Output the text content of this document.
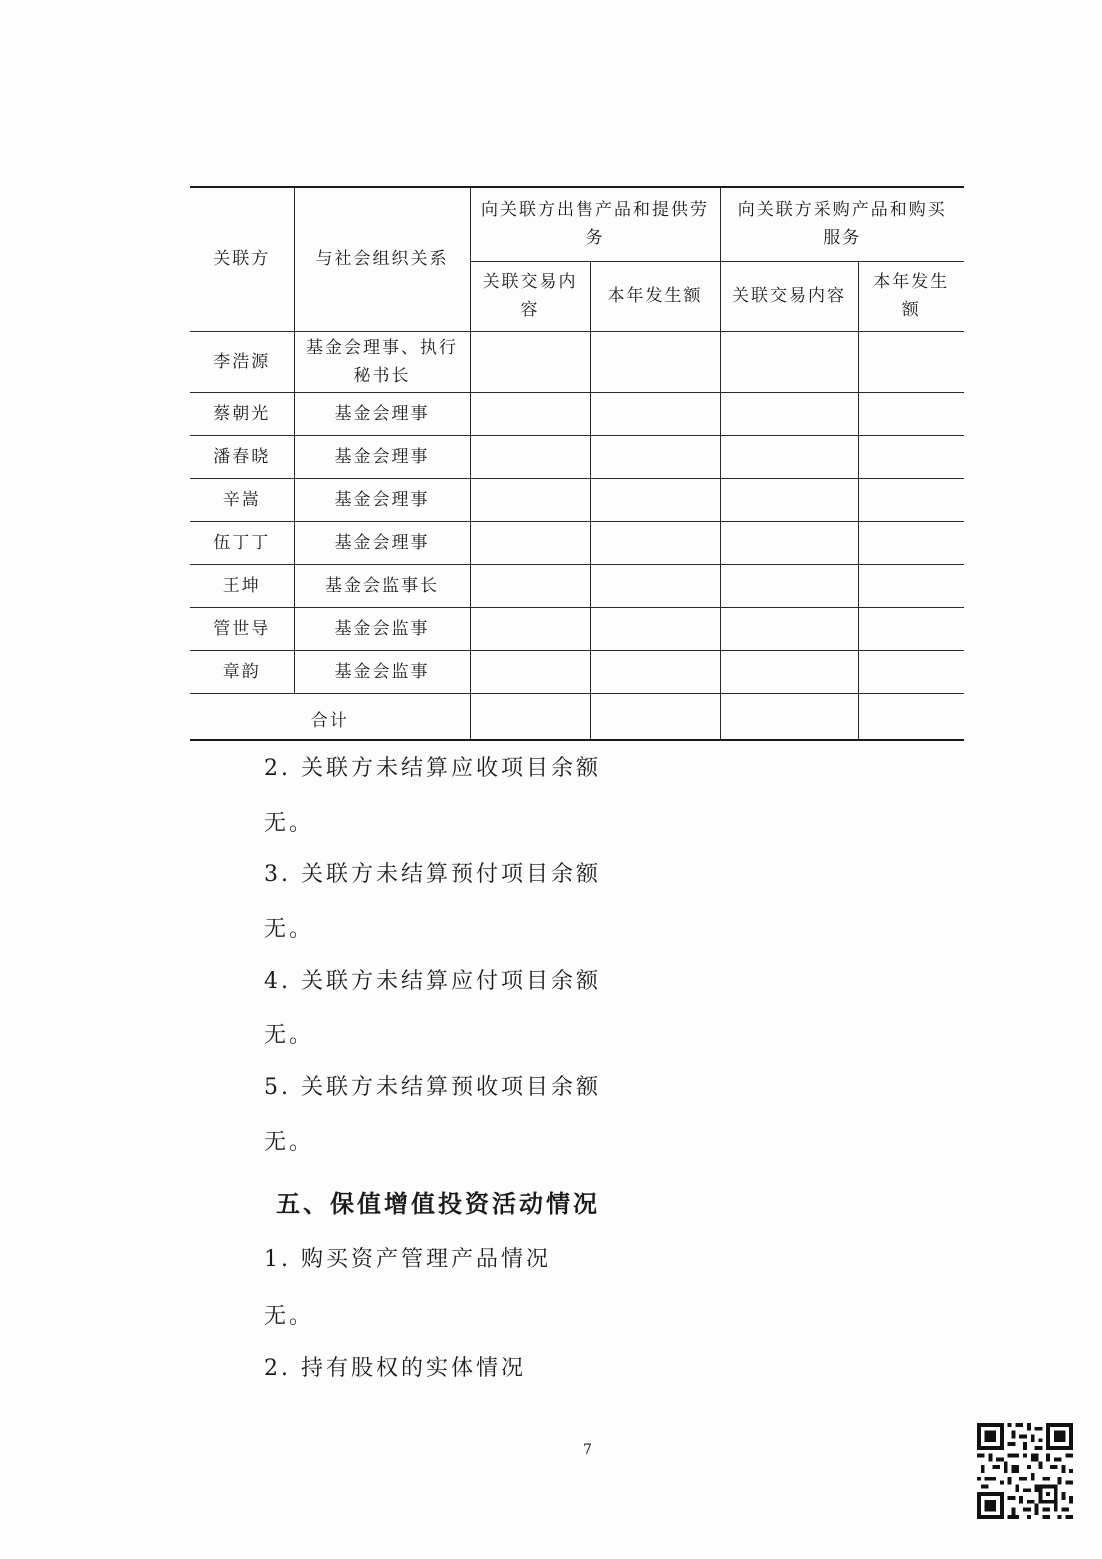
关联方	与社会组织关系	向关联方出售产品和提供劳务		向关联方采购产品和购买服务	
		关联交易内容	本年发生额	关联交易内容	本年发生额
李浩源	基金会理事、执行秘书长				
蔡朝光	基金会理事				
潘春晓	基金会理事				
辛嵩	基金会理事				
伍丁丁	基金会理事				
王坤	基金会监事长				
管世导	基金会监事				
章韵	基金会监事				
合计					
2. 关联方未结算应收项目余额
无。
3. 关联方未结算预付项目余额
无。
4. 关联方未结算应付项目余额
无。
5. 关联方未结算预收项目余额
无。
五、保值增值投资活动情况
1. 购买资产管理产品情况
无。
2. 持有股权的实体情况
7
